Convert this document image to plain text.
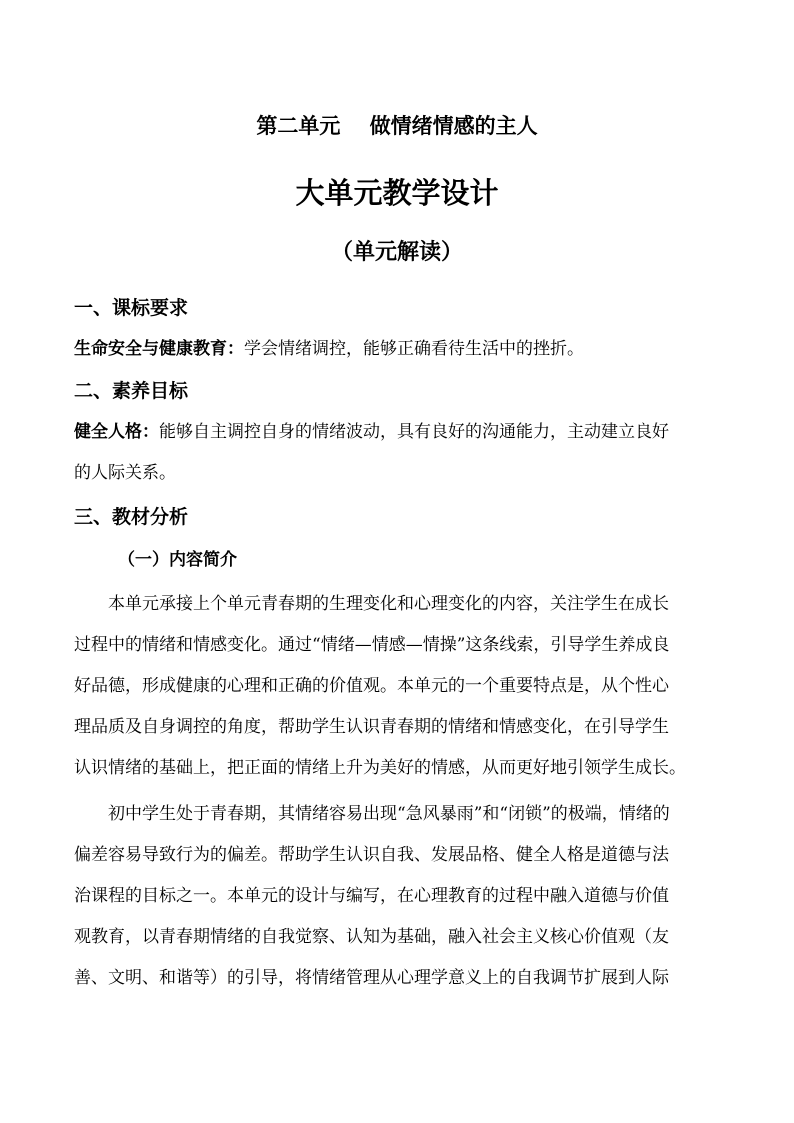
第二单元    做情绪情感的主人
大单元教学设计
（单元解读）
一、课标要求
生命安全与健康教育：学会情绪调控，能够正确看待生活中的挫折。
二、素养目标
健全人格：能够自主调控自身的情绪波动，具有良好的沟通能力，主动建立良好
的人际关系。
三、教材分析
（一）内容简介
本单元承接上个单元青春期的生理变化和心理变化的内容，关注学生在成长
过程中的情绪和情感变化。通过“情绪—情感—情操”这条线索，引导学生养成良
好品德，形成健康的心理和正确的价值观。本单元的一个重要特点是，从个性心
理品质及自身调控的角度，帮助学生认识青春期的情绪和情感变化，在引导学生
认识情绪的基础上，把正面的情绪上升为美好的情感，从而更好地引领学生成长。
初中学生处于青春期，其情绪容易出现“急风暴雨”和“闭锁”的极端，情绪的
偏差容易导致行为的偏差。帮助学生认识自我、发展品格、健全人格是道德与法
治课程的目标之一。本单元的设计与编写，在心理教育的过程中融入道德与价值
观教育，以青春期情绪的自我觉察、认知为基础，融入社会主义核心价值观（友
善、文明、和谐等）的引导，将情绪管理从心理学意义上的自我调节扩展到人际
